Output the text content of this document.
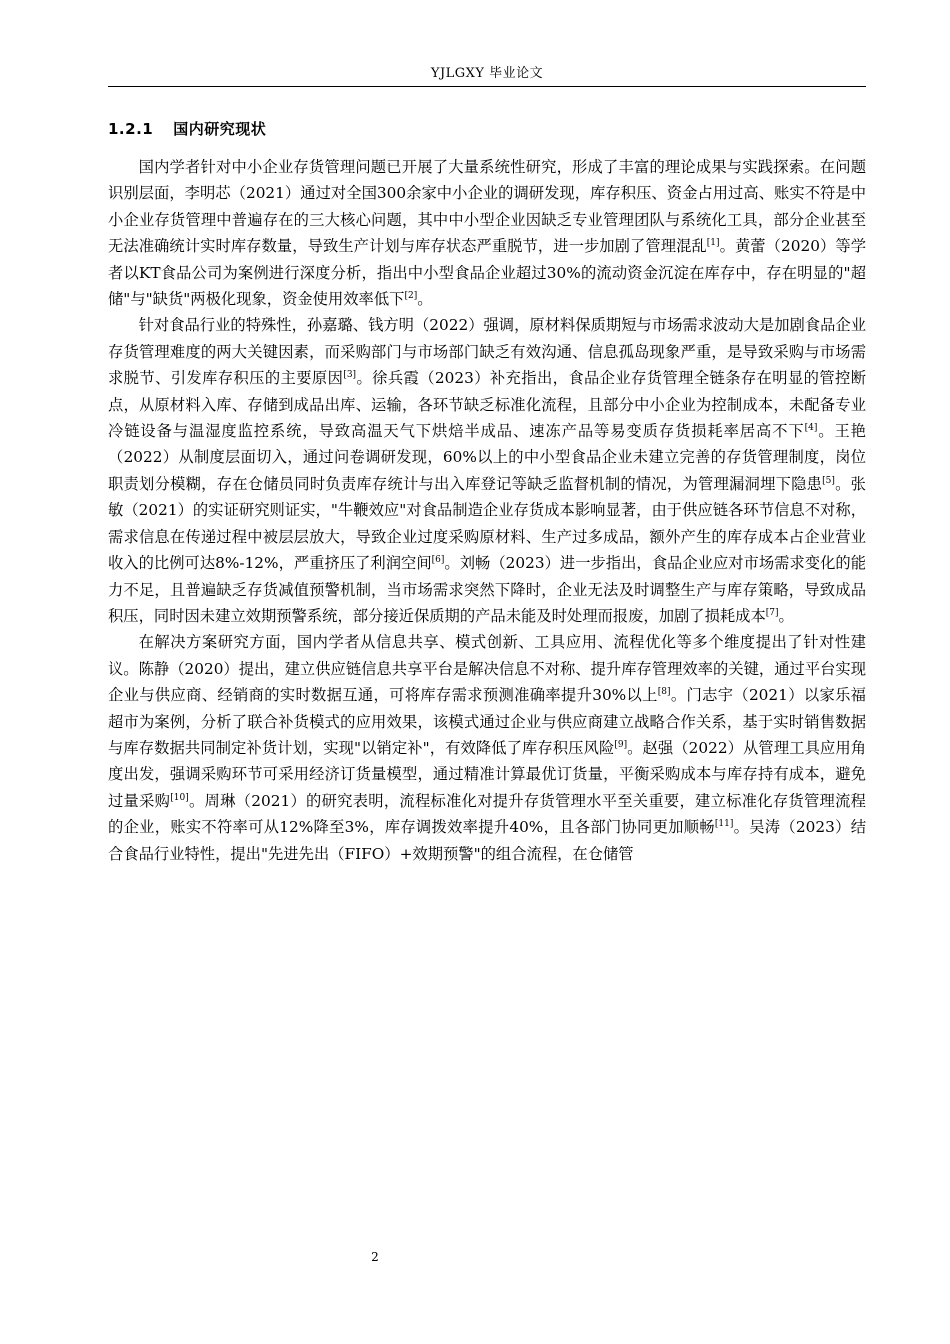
YJLGXY 毕业论文
1.2.1 国内研究现状

国内学者针对中小企业存货管理问题已开展了大量系统性研究，形成了丰富的理论成果与实践探索。在问题识别层面，李明芯（2021）通过对全国300余家中小企业的调研发现，库存积压、资金占用过高、账实不符是中小企业存货管理中普遍存在的三大核心问题，其中中小型企业因缺乏专业管理团队与系统化工具，部分企业甚至无法准确统计实时库存数量，导致生产计划与库存状态严重脱节，进一步加剧了管理混乱[1]。黄蕾（2020）等学者以KT食品公司为案例进行深度分析，指出中小型食品企业超过30%的流动资金沉淀在库存中，存在明显的"超储"与"缺货"两极化现象，资金使用效率低下[2]。

针对食品行业的特殊性，孙嘉璐、钱方明（2022）强调，原材料保质期短与市场需求波动大是加剧食品企业存货管理难度的两大关键因素，而采购部门与市场部门缺乏有效沟通、信息孤岛现象严重，是导致采购与市场需求脱节、引发库存积压的主要原因[3]。徐兵霞（2023）补充指出，食品企业存货管理全链条存在明显的管控断点，从原材料入库、存储到成品出库、运输，各环节缺乏标准化流程，且部分中小企业为控制成本，未配备专业冷链设备与温湿度监控系统，导致高温天气下烘焙半成品、速冻产品等易变质存货损耗率居高不下[4]。王艳（2022）从制度层面切入，通过问卷调研发现，60%以上的中小型食品企业未建立完善的存货管理制度，岗位职责划分模糊，存在仓储员同时负责库存统计与出入库登记等缺乏监督机制的情况，为管理漏洞埋下隐患[5]。张敏（2021）的实证研究则证实，"牛鞭效应"对食品制造企业存货成本影响显著，由于供应链各环节信息不对称，需求信息在传递过程中被层层放大，导致企业过度采购原材料、生产过多成品，额外产生的库存成本占企业营业收入的比例可达8%-12%，严重挤压了利润空间[6]。刘畅（2023）进一步指出，食品企业应对市场需求变化的能力不足，且普遍缺乏存货减值预警机制，当市场需求突然下降时，企业无法及时调整生产与库存策略，导致成品积压，同时因未建立效期预警系统，部分接近保质期的产品未能及时处理而报废，加剧了损耗成本[7]。

在解决方案研究方面，国内学者从信息共享、模式创新、工具应用、流程优化等多个维度提出了针对性建议。陈静（2020）提出，建立供应链信息共享平台是解决信息不对称、提升库存管理效率的关键，通过平台实现企业与供应商、经销商的实时数据互通，可将库存需求预测准确率提升30%以上[8]。门志宇（2021）以家乐福超市为案例，分析了联合补货模式的应用效果，该模式通过企业与供应商建立战略合作关系，基于实时销售数据与库存数据共同制定补货计划，实现"以销定补"，有效降低了库存积压风险[9]。赵强（2022）从管理工具应用角度出发，强调采购环节可采用经济订货量模型，通过精准计算最优订货量，平衡采购成本与库存持有成本，避免过量采购[10]。周琳（2021）的研究表明，流程标准化对提升存货管理水平至关重要，建立标准化存货管理流程的企业，账实不符率可从12%降至3%，库存调拨效率提升40%，且各部门协同更加顺畅[11]。吴涛（2023）结合食品行业特性，提出"先进先出（FIFO）+效期预警"的组合流程，在仓储管

2
